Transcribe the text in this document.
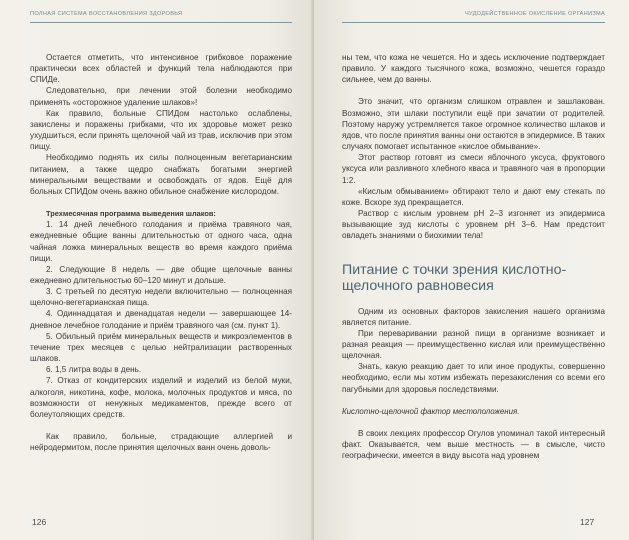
ПОЛНАЯ СИСТЕМА ВОССТАНОВЛЕНИЯ ЗДОРОВЬЯ

Остается отметить, что интенсивное грибковое поражение практически всех областей и функций тела наблюдаются при СПИДе.

Следовательно, при лечении этой болезни необходимо применять «осторожное удаление шлаков»!

Как правило, больные СПИДом настолько ослаблены, закислены и поражены грибками, что их здоровье может резко ухудшиться, если принять щелочной чай из трав, исключив при этом пищу.

Необходимо поднять их силы полноценным вегетарианским питанием, а также щедро снабжать богатыми энергией минеральными веществами и освобождать от ядов. Ещё для больных СПИДом очень важно обильное снабжение кислородом.

Трехмесячная программа выведения шлаков:

1. 14 дней лечебного голодания и приёма травяного чая, ежедневные общие ванны длительностью от одного часа, одна чайная ложка минеральных веществ во время каждого приёма пищи.

2. Следующие 8 недель — две общие щелочные ванны ежедневно длительностью 60–120 минут и дольше.

3. С третьей по десятую недели включительно — полноценная щелочно-вегетарианская пища.

4. Одиннадцатая и двенадцатая недели — завершающее 14-дневное лечебное голодание и приём травяного чая (см. пункт 1).

5. Обильный приём минеральных веществ и микроэлементов в течение трех месяцев с целью нейтрализации растворенных шлаков.

6. 1,5 литра воды в день.

7. Отказ от кондитерских изделий и изделий из белой муки, алкоголя, никотина, кофе, молока, молочных продуктов и мяса, по возможности от ненужных медикаментов, прежде всего от болеутоляющих средств.

Как правило, больные, страдающие аллергией и нейродермитом, после принятия щелочных ванн очень доволь-

126
ЧУДОДЕЙСТВЕННОЕ ОКИСЛЕНИЕ ОРГАНИЗМА

ны тем, что кожа не чешется. Но и здесь исключение подтверждает правило. У каждого тысячного кожа, возможно, чешется гораздо сильнее, чем до ванны.

Это значит, что организм слишком отравлен и зашлакован. Возможно, эти шлаки поступили ещё при зачатии от родителей. Поэтому наружу устремляется такое огромное количество шлаков и ядов, что после принятия ванны они остаются в эпидермисе. В таких случаях помогает испытанное «кислое обмывание».

Этот раствор готовят из смеси яблочного уксуса, фруктового уксуса или разливного хлебного кваса и травяного чая в пропорции 1:2.

«Кислым обмыванием» обтирают тело и дают ему стекать по коже. Вскоре зуд прекращается.

Раствор с кислым уровнем pH 2–3 изгоняет из эпидермиса вызывающие зуд кислоты с уровнем pH 3–6. Нам предстоит овладеть знаниями о биохимии тела!

Питание с точки зрения кислотно-
щелочного равновесия

Одним из основных факторов закисления нашего организма является питание.

При переваривании разной пищи в организме возникает и разная реакция — преимущественно кислая или преимущественно щелочная.

Знать, какую реакцию дает то или иное продукты, совершенно необходимо, если мы хотим избежать перезакисления со всеми его пагубными для здоровья последствиями.

Кислотно-щелочной фактор местоположения.

В своих лекциях профессор Огулов упоминал такой интересный факт. Оказывается, чем выше местность — в смысле, чисто географически, имеется в виду высота над уровнем

127
